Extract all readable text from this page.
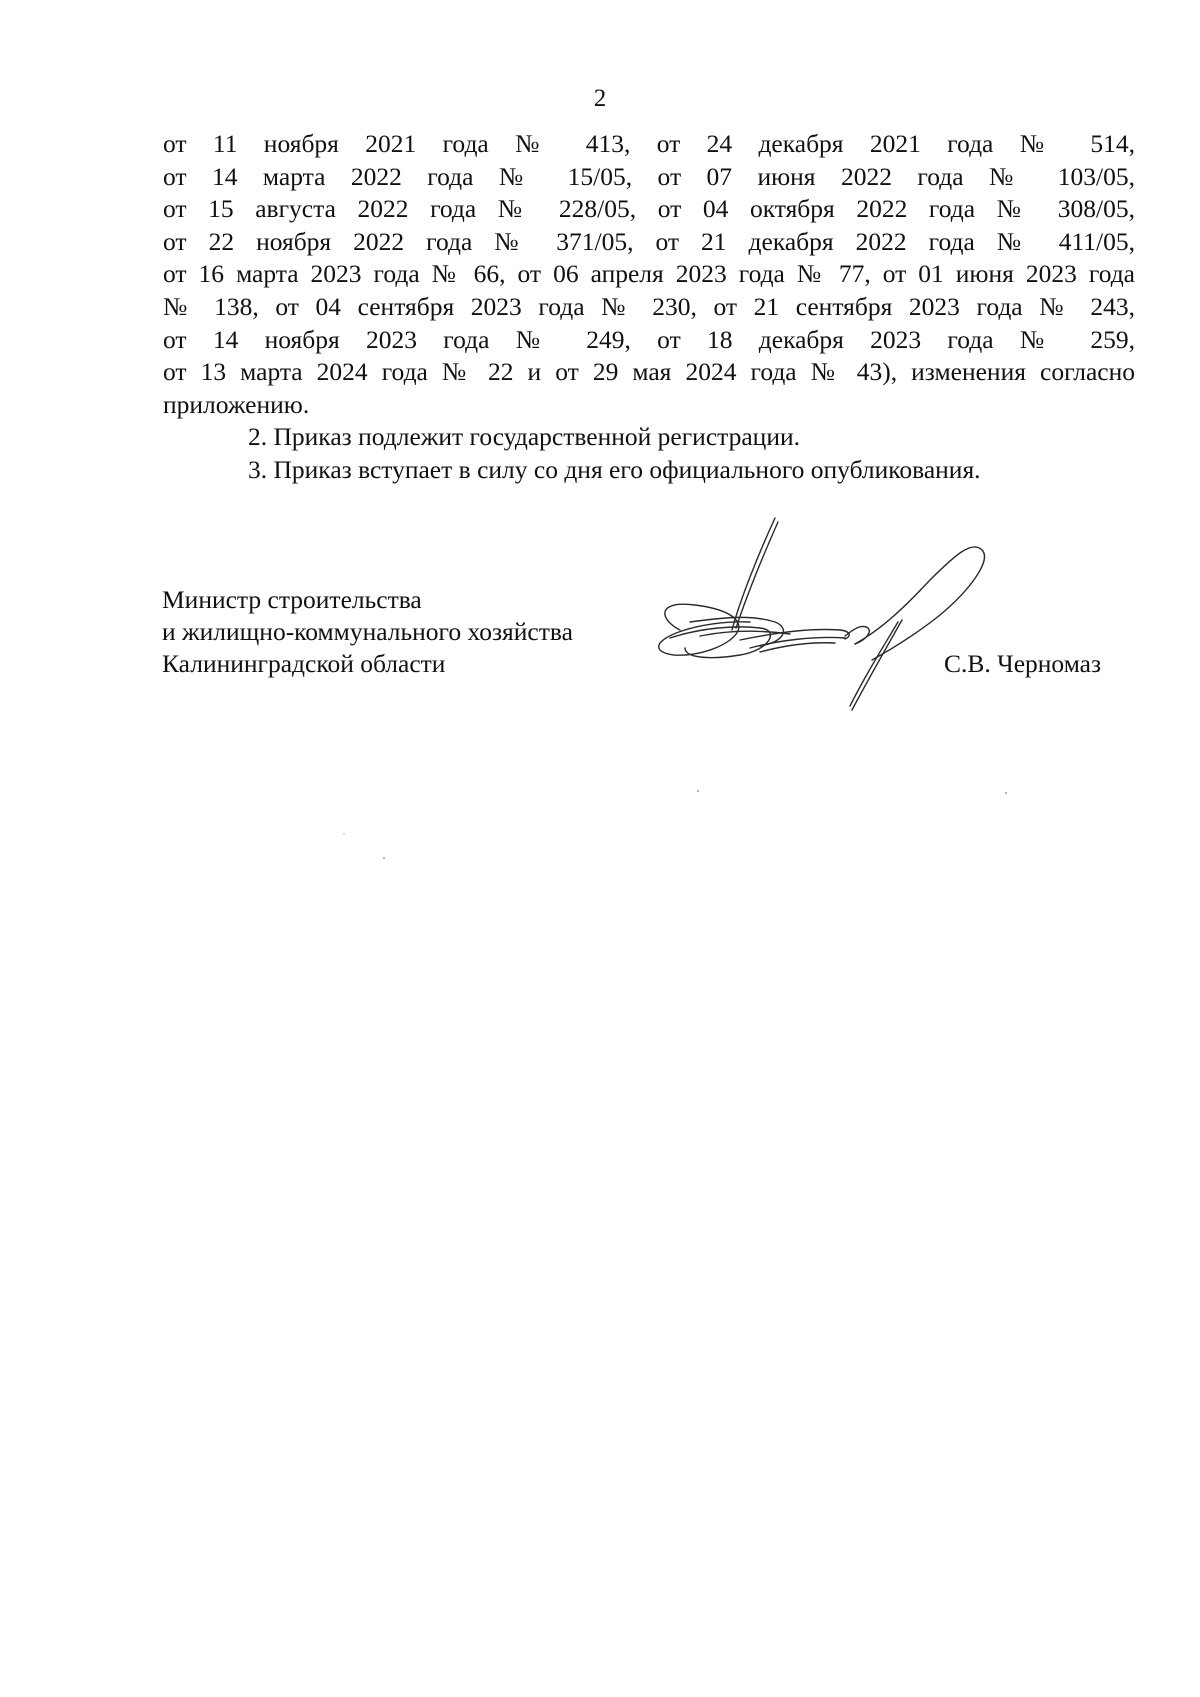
2
от 11 ноября 2021 года № 413, от 24 декабря 2021 года № 514,
от 14 марта 2022 года № 15/05, от 07 июня 2022 года № 103/05,
от 15 августа 2022 года № 228/05, от 04 октября 2022 года № 308/05,
от 22 ноября 2022 года № 371/05, от 21 декабря 2022 года № 411/05,
от 16 марта 2023 года № 66, от 06 апреля 2023 года № 77, от 01 июня 2023 года
№ 138, от 04 сентября 2023 года № 230, от 21 сентября 2023 года № 243,
от 14 ноября 2023 года № 249, от 18 декабря 2023 года № 259,
от 13 марта 2024 года № 22 и от 29 мая 2024 года № 43), изменения согласно
приложению.
2. Приказ подлежит государственной регистрации.
3. Приказ вступает в силу со дня его официального опубликования.
Министр строительства
и жилищно-коммунального хозяйства
Калининградской области	С.В. Черномаз
